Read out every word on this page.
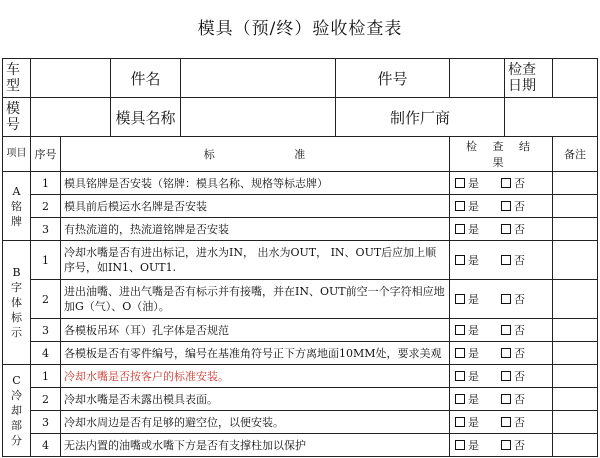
模具（预/终）验收检查表
车型			件名		件号		检查日期	
模号			模具名称		制作厂商			

项目	序号	标 准				检 查 结 果		备注

A
铭
牌	1	模具铭牌是否安装（铭牌：模具名称、规格等标志牌）				是 否		
	2	模具前后模运水名牌是否安装				是 否		
	3	有热流道的，热流道铭牌是否安装				是 否		

B
字
体
标
示	1	冷却水嘴是否有进出标记，进水为IN， 出水为OUT， IN、OUT后应加上顺序号，如IN1、OUT1.				是 否		
	2	进出油嘴、进出气嘴是否有标示并有接嘴，并在IN、OUT前空一个字符相应地加G（气）、O（油）。				是 否		
	3	各模板吊环（耳）孔字体是否规范				是 否		
	4	各模板是否有零件编号，编号在基准角符号正下方离地面10MM处，要求美观				是 否		

C
冷
却
部
分	1	冷却水嘴是否按客户的标准安装。				是 否		
	2	冷却水嘴是否未露出模具表面。				是 否		
	3	冷却水周边是否有足够的避空位，以便安装。				是 否		
	4	无法内置的油嘴或水嘴下方是否有支撑柱加以保护				是 否		
